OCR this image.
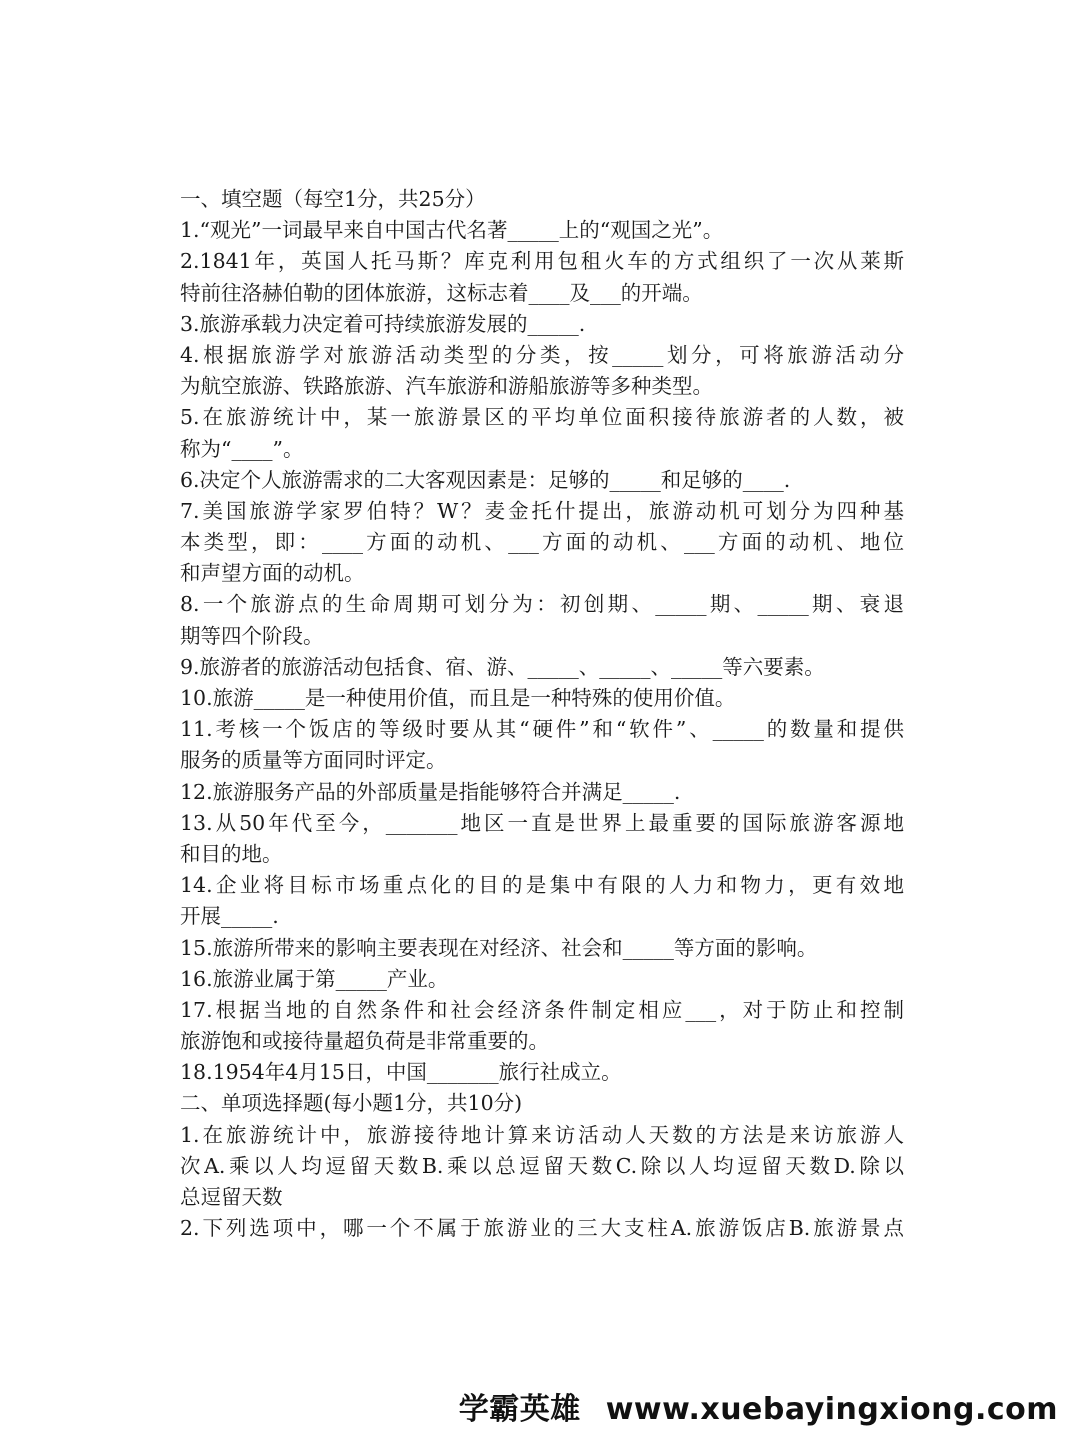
一、填空题（每空1分，共25分）
1.“观光”一词最早来自中国古代名著_____上的“观国之光”。
2.1841年，英国人托马斯？库克利用包租火车的方式组织了一次从莱斯
特前往洛赫伯勒的团体旅游，这标志着____及___的开端。
3.旅游承载力决定着可持续旅游发展的_____.
4.根据旅游学对旅游活动类型的分类，按_____划分，可将旅游活动分
为航空旅游、铁路旅游、汽车旅游和游船旅游等多种类型。
5.在旅游统计中，某一旅游景区的平均单位面积接待旅游者的人数，被
称为“____”。
6.决定个人旅游需求的二大客观因素是：足够的_____和足够的____.
7.美国旅游学家罗伯特？W？麦金托什提出，旅游动机可划分为四种基
本类型，即：____方面的动机、___方面的动机、___方面的动机、地位
和声望方面的动机。
8.一个旅游点的生命周期可划分为：初创期、_____期、_____期、衰退
期等四个阶段。
9.旅游者的旅游活动包括食、宿、游、_____、_____、_____等六要素。
10.旅游_____是一种使用价值，而且是一种特殊的使用价值。
11.考核一个饭店的等级时要从其“硬件”和“软件”、_____的数量和提供
服务的质量等方面同时评定。
12.旅游服务产品的外部质量是指能够符合并满足_____.
13.从50年代至今，_______地区一直是世界上最重要的国际旅游客源地
和目的地。
14.企业将目标市场重点化的目的是集中有限的人力和物力，更有效地
开展_____.
15.旅游所带来的影响主要表现在对经济、社会和_____等方面的影响。
16.旅游业属于第_____产业。
17.根据当地的自然条件和社会经济条件制定相应___，对于防止和控制
旅游饱和或接待量超负荷是非常重要的。
18.1954年4月15日，中国_______旅行社成立。
二、单项选择题(每小题1分，共10分)
1.在旅游统计中，旅游接待地计算来访活动人天数的方法是来访旅游人
次A.乘以人均逗留天数B.乘以总逗留天数C.除以人均逗留天数D.除以
总逗留天数
2.下列选项中，哪一个不属于旅游业的三大支柱A.旅游饭店B.旅游景点
学霸英雄 www.xuebayingxiong.com
